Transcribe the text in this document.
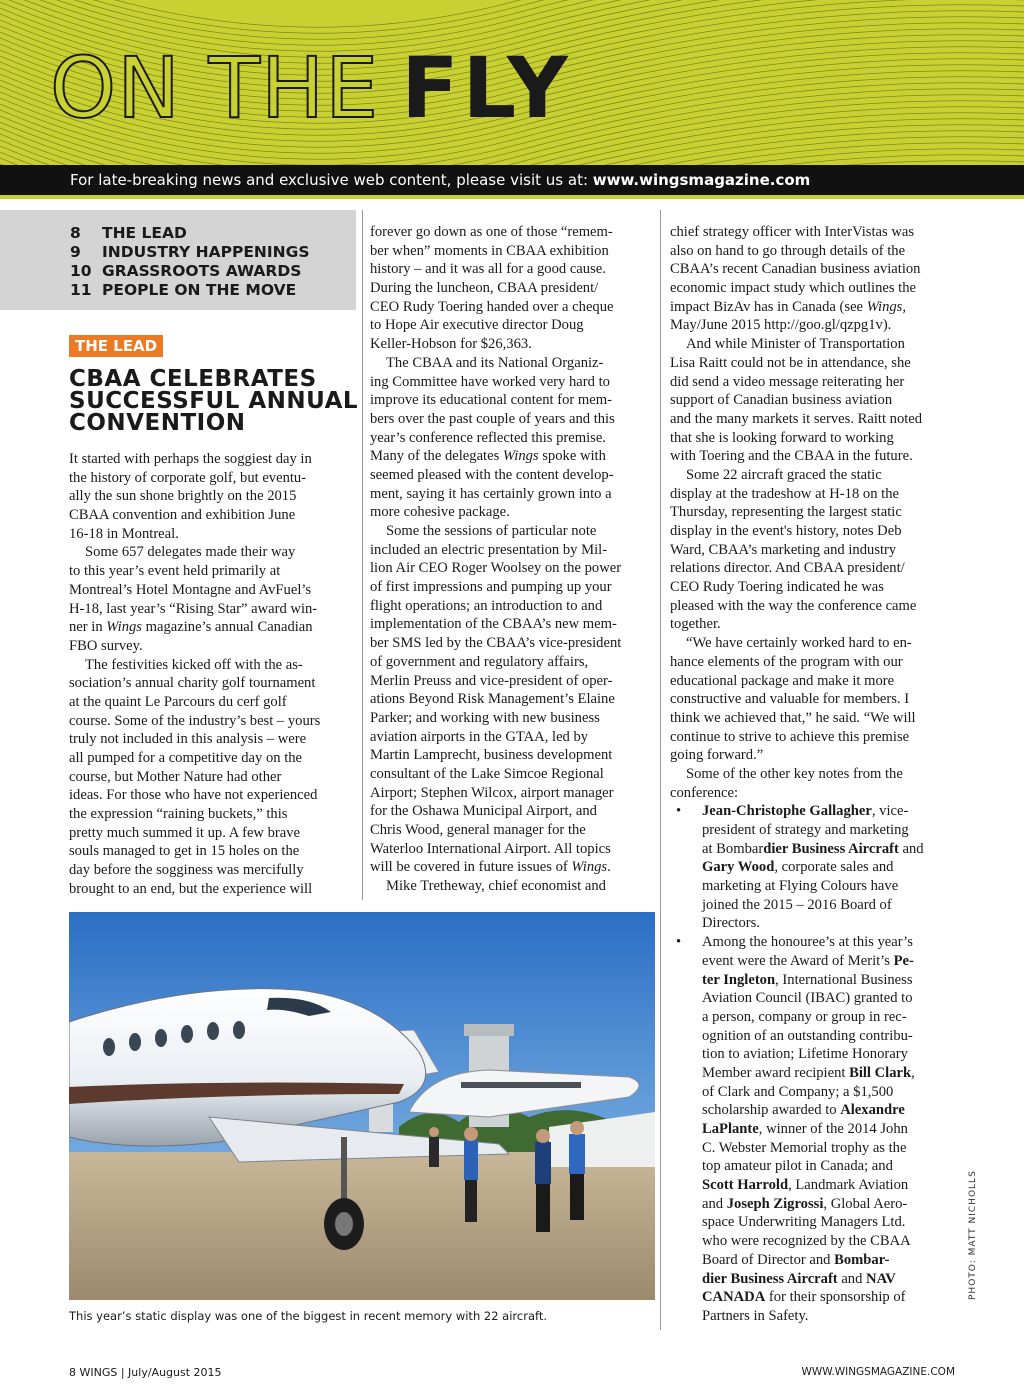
ON THE FLY
For late-breaking news and exclusive web content, please visit us at: www.wingsmagazine.com
8 THE LEAD
9 INDUSTRY HAPPENINGS
10 GRASSROOTS AWARDS
11 PEOPLE ON THE MOVE
THE LEAD
CBAA CELEBRATES
SUCCESSFUL ANNUAL
CONVENTION
It started with perhaps the soggiest day in
the history of corporate golf, but eventu-
ally the sun shone brightly on the 2015
CBAA convention and exhibition June
16-18 in Montreal.
Some 657 delegates made their way
to this year’s event held primarily at
Montreal’s Hotel Montagne and AvFuel’s
H-18, last year’s “Rising Star” award win-
ner in Wings magazine’s annual Canadian
FBO survey.
The festivities kicked off with the as-
sociation’s annual charity golf tournament
at the quaint Le Parcours du cerf golf
course. Some of the industry’s best – yours
truly not included in this analysis – were
all pumped for a competitive day on the
course, but Mother Nature had other
ideas. For those who have not experienced
the expression “raining buckets,” this
pretty much summed it up. A few brave
souls managed to get in 15 holes on the
day before the sogginess was mercifully
brought to an end, but the experience will
forever go down as one of those “remem-
ber when” moments in CBAA exhibition
history – and it was all for a good cause.
During the luncheon, CBAA president/
CEO Rudy Toering handed over a cheque
to Hope Air executive director Doug
Keller-Hobson for $26,363.
The CBAA and its National Organiz-
ing Committee have worked very hard to
improve its educational content for mem-
bers over the past couple of years and this
year’s conference reflected this premise.
Many of the delegates Wings spoke with
seemed pleased with the content develop-
ment, saying it has certainly grown into a
more cohesive package.
Some the sessions of particular note
included an electric presentation by Mil-
lion Air CEO Roger Woolsey on the power
of first impressions and pumping up your
flight operations; an introduction to and
implementation of the CBAA’s new mem-
ber SMS led by the CBAA’s vice-president
of government and regulatory affairs,
Merlin Preuss and vice-president of oper-
ations Beyond Risk Management’s Elaine
Parker; and working with new business
aviation airports in the GTAA, led by
Martin Lamprecht, business development
consultant of the Lake Simcoe Regional
Airport; Stephen Wilcox, airport manager
for the Oshawa Municipal Airport, and
Chris Wood, general manager for the
Waterloo International Airport. All topics
will be covered in future issues of Wings.
Mike Tretheway, chief economist and
chief strategy officer with InterVistas was
also on hand to go through details of the
CBAA’s recent Canadian business aviation
economic impact study which outlines the
impact BizAv has in Canada (see Wings,
May/June 2015 http://goo.gl/qzpg1v).
And while Minister of Transportation
Lisa Raitt could not be in attendance, she
did send a video message reiterating her
support of Canadian business aviation
and the many markets it serves. Raitt noted
that she is looking forward to working
with Toering and the CBAA in the future.
Some 22 aircraft graced the static
display at the tradeshow at H-18 on the
Thursday, representing the largest static
display in the event's history, notes Deb
Ward, CBAA’s marketing and industry
relations director. And CBAA president/
CEO Rudy Toering indicated he was
pleased with the way the conference came
together.
“We have certainly worked hard to en-
hance elements of the program with our
educational package and make it more
constructive and valuable for members. I
think we achieved that,” he said. “We will
continue to strive to achieve this premise
going forward.”
Some of the other key notes from the
conference:
• Jean-Christophe Gallagher, vice-
president of strategy and marketing
at Bombardier Business Aircraft and
Gary Wood, corporate sales and
marketing at Flying Colours have
joined the 2015 – 2016 Board of
Directors.
• Among the honouree’s at this year’s
event were the Award of Merit’s Pe-
ter Ingleton, International Business
Aviation Council (IBAC) granted to
a person, company or group in rec-
ognition of an outstanding contribu-
tion to aviation; Lifetime Honorary
Member award recipient Bill Clark,
of Clark and Company; a $1,500
scholarship awarded to Alexandre
LaPlante, winner of the 2014 John
C. Webster Memorial trophy as the
top amateur pilot in Canada; and
Scott Harrold, Landmark Aviation
and Joseph Zigrossi, Global Aero-
space Underwriting Managers Ltd.
who were recognized by the CBAA
Board of Director and Bombar-
dier Business Aircraft and NAV
CANADA for their sponsorship of
Partners in Safety.
This year’s static display was one of the biggest in recent memory with 22 aircraft.
PHOTO: MATT NICHOLLS
8 WINGS | July/August 2015	WWW.WINGSMAGAZINE.COM
